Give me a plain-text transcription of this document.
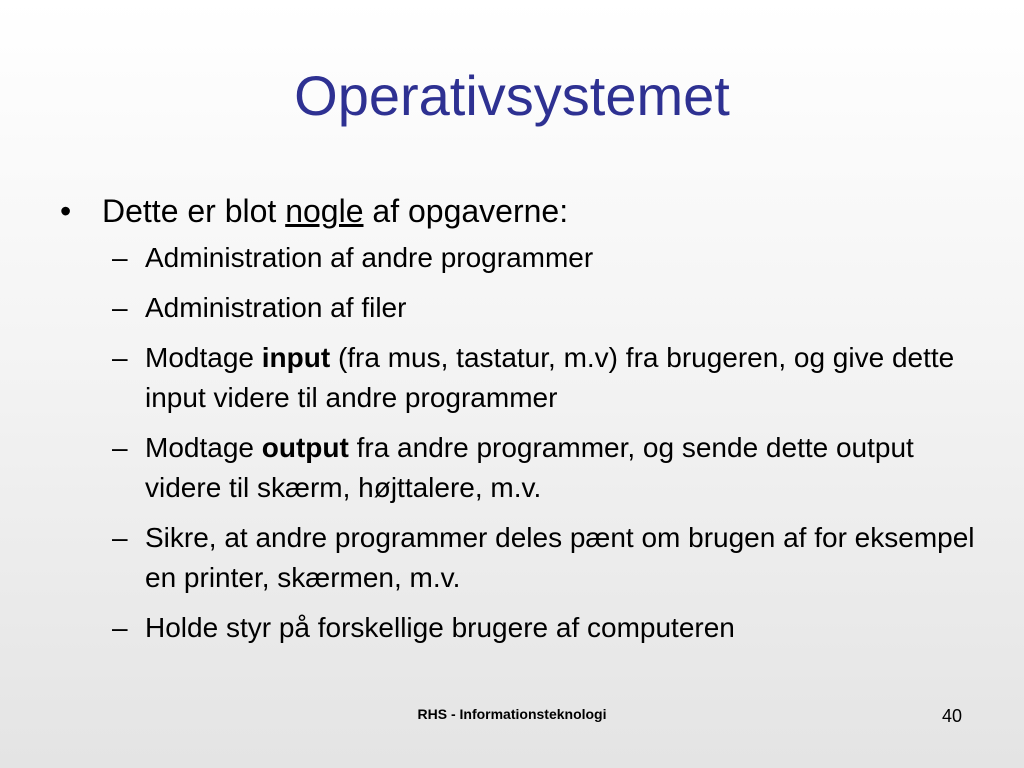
Operativsystemet
• Dette er blot nogle af opgaverne:
– Administration af andre programmer
– Administration af filer
– Modtage input (fra mus, tastatur, m.v) fra brugeren, og give dette input videre til andre programmer
– Modtage output fra andre programmer, og sende dette output videre til skærm, højttalere, m.v.
– Sikre, at andre programmer deles pænt om brugen af for eksempel en printer, skærmen, m.v.
– Holde styr på forskellige brugere af computeren
RHS - Informationsteknologi	40
